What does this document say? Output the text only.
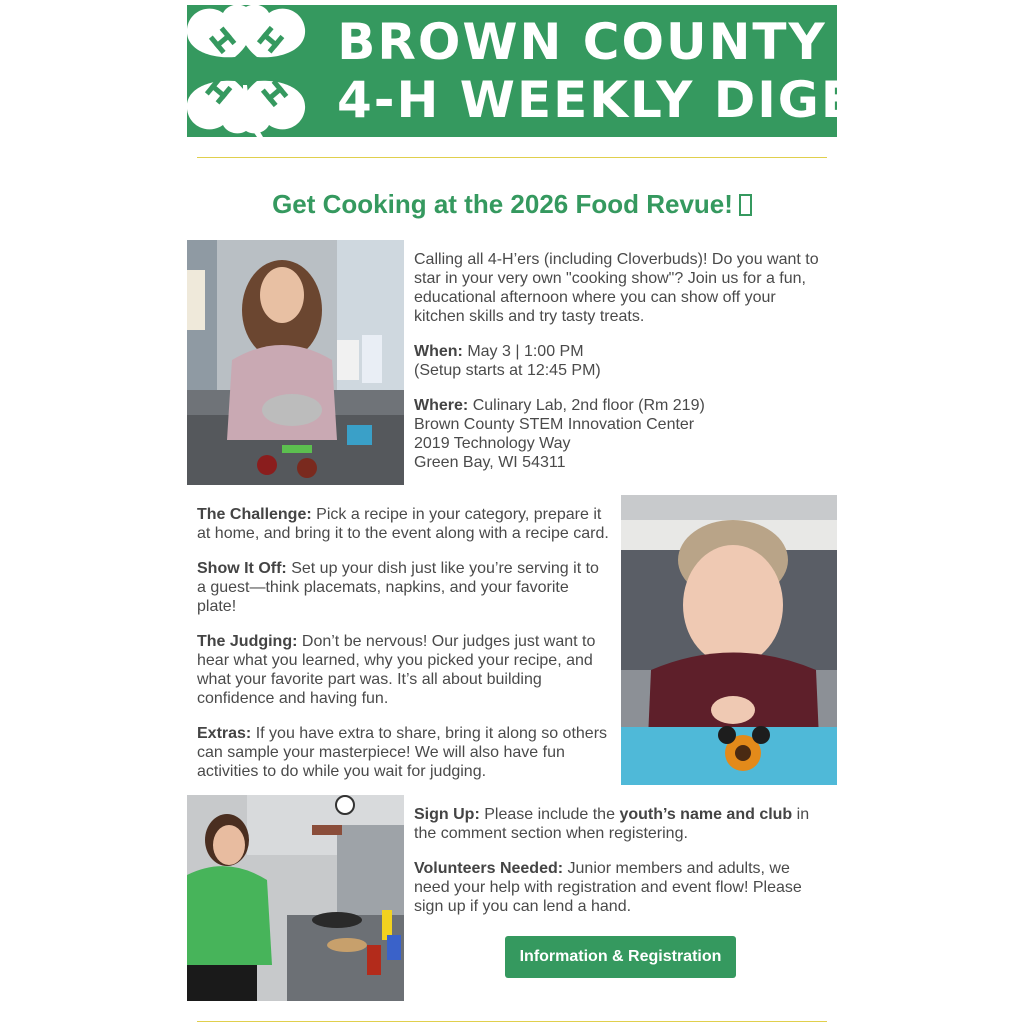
BROWN COUNTY
4-H WEEKLY DIGEST
Get Cooking at the 2026 Food Revue!

Calling all 4-H’ers (including Cloverbuds)! Do you want to star in your very own "cooking show"? Join us for a fun, educational afternoon where you can show off your kitchen skills and try tasty treats.

When: May 3 | 1:00 PM
(Setup starts at 12:45 PM)

Where: Culinary Lab, 2nd floor (Rm 219)
Brown County STEM Innovation Center
2019 Technology Way
Green Bay, WI 54311

The Challenge: Pick a recipe in your category, prepare it at home, and bring it to the event along with a recipe card.

Show It Off: Set up your dish just like you’re serving it to a guest—think placemats, napkins, and your favorite plate!

The Judging: Don’t be nervous! Our judges just want to hear what you learned, why you picked your recipe, and what your favorite part was. It’s all about building confidence and having fun.

Extras: If you have extra to share, bring it along so others can sample your masterpiece! We will also have fun activities to do while you wait for judging.

Sign Up: Please include the youth’s name and club in the comment section when registering.

Volunteers Needed: Junior members and adults, we need your help with registration and event flow! Please sign up if you can lend a hand.

Information & Registration
